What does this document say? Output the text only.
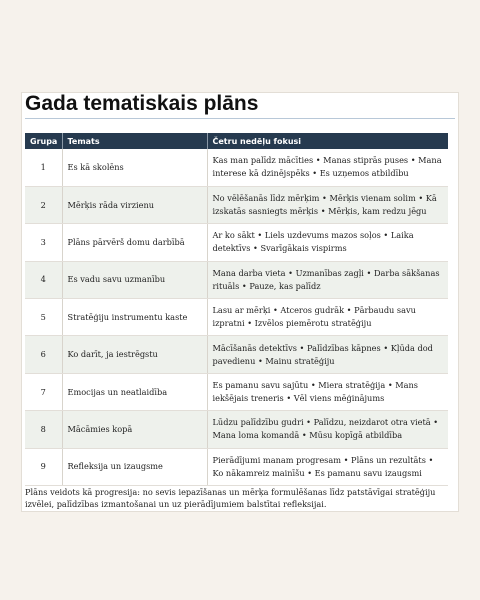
Gada tematiskais plāns
Grupa	Temats	Četru nedēļu fokusi
1	Es kā skolēns	Kas man palīdz mācīties • Manas stiprās puses • Mana interese kā dzinējspēks • Es uzņemos atbildību
2	Mērķis rāda virzienu	No vēlēšanās līdz mērķim • Mērķis vienam solim • Kā izskatās sasniegts mērķis • Mērķis, kam redzu jēgu
3	Plāns pārvērš domu darbībā	Ar ko sākt • Liels uzdevums mazos soļos • Laika detektīvs • Svarīgākais vispirms
4	Es vadu savu uzmanību	Mana darba vieta • Uzmanības zagļi • Darba sākšanas rituāls • Pauze, kas palīdz
5	Stratēģiju instrumentu kaste	Lasu ar mērķi • Atceros gudrāk • Pārbaudu savu izpratni • Izvēlos piemērotu stratēģiju
6	Ko darīt, ja iestrēgstu	Mācīšanās detektīvs • Palīdzības kāpnes • Kļūda dod pavedienu • Mainu stratēģiju
7	Emocijas un neatlaidība	Es pamanu savu sajūtu • Miera stratēģija • Mans iekšējais treneris • Vēl viens mēģinājums
8	Mācāmies kopā	Lūdzu palīdzību gudri • Palīdzu, neizdarot otra vietā • Mana loma komandā • Mūsu kopīgā atbildība
9	Refleksija un izaugsme	Pierādījumi manam progresam • Plāns un rezultāts • Ko nākamreiz mainīšu • Es pamanu savu izaugsmi
Plāns veidots kā progresija: no sevis iepazīšanas un mērķa formulēšanas līdz patstāvīgai stratēģiju izvēlei, palīdzības izmantošanai un uz pierādījumiem balstītai refleksijai.
